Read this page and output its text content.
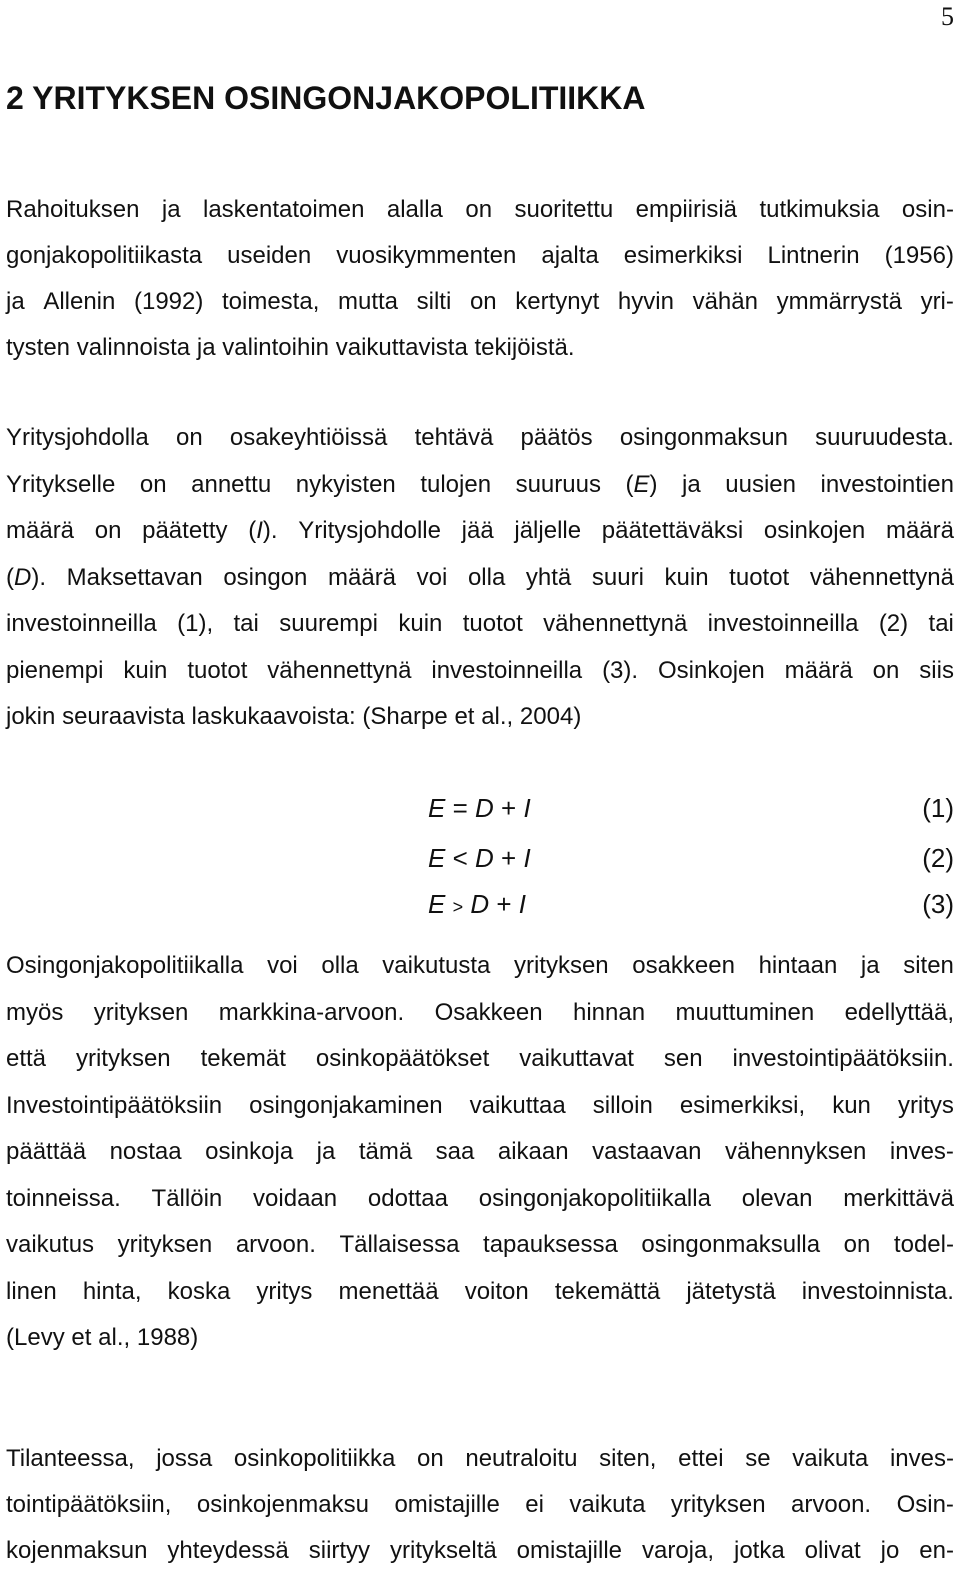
5
2 YRITYKSEN OSINGONJAKOPOLITIIKKA
Rahoituksen ja laskentatoimen alalla on suoritettu empiirisiä tutkimuksia osin-
gonjakopolitiikasta useiden vuosikymmenten ajalta esimerkiksi Lintnerin (1956)
ja Allenin (1992) toimesta, mutta silti on kertynyt hyvin vähän ymmärrystä yri-
tysten valinnoista ja valintoihin vaikuttavista tekijöistä.
Yritysjohdolla on osakeyhtiöissä tehtävä päätös osingonmaksun suuruudesta.
Yritykselle on annettu nykyisten tulojen suuruus (E) ja uusien investointien
määrä on päätetty (I). Yritysjohdolle jää jäljelle päätettäväksi osinkojen määrä
(D). Maksettavan osingon määrä voi olla yhtä suuri kuin tuotot vähennettynä
investoinneilla (1), tai suurempi kuin tuotot vähennettynä investoinneilla (2) tai
pienempi kuin tuotot vähennettynä investoinneilla (3). Osinkojen määrä on siis
jokin seuraavista laskukaavoista: (Sharpe et al., 2004)
Osingonjakopolitiikalla voi olla vaikutusta yrityksen osakkeen hintaan ja siten
myös yrityksen markkina-arvoon. Osakkeen hinnan muuttuminen edellyttää,
että yrityksen tekemät osinkopäätökset vaikuttavat sen investointipäätöksiin.
Investointipäätöksiin osingonjakaminen vaikuttaa silloin esimerkiksi, kun yritys
päättää nostaa osinkoja ja tämä saa aikaan vastaavan vähennyksen inves-
toinneissa. Tällöin voidaan odottaa osingonjakopolitiikalla olevan merkittävä
vaikutus yrityksen arvoon. Tällaisessa tapauksessa osingonmaksulla on todel-
linen hinta, koska yritys menettää voiton tekemättä jätetystä investoinnista.
(Levy et al., 1988)
Tilanteessa, jossa osinkopolitiikka on neutraloitu siten, ettei se vaikuta inves-
tointipäätöksiin, osinkojenmaksu omistajille ei vaikuta yrityksen arvoon. Osin-
kojenmaksun yhteydessä siirtyy yritykseltä omistajille varoja, jotka olivat jo en-
E = D + I	(1)
E < D + I	(2)
E > D + I	(3)
